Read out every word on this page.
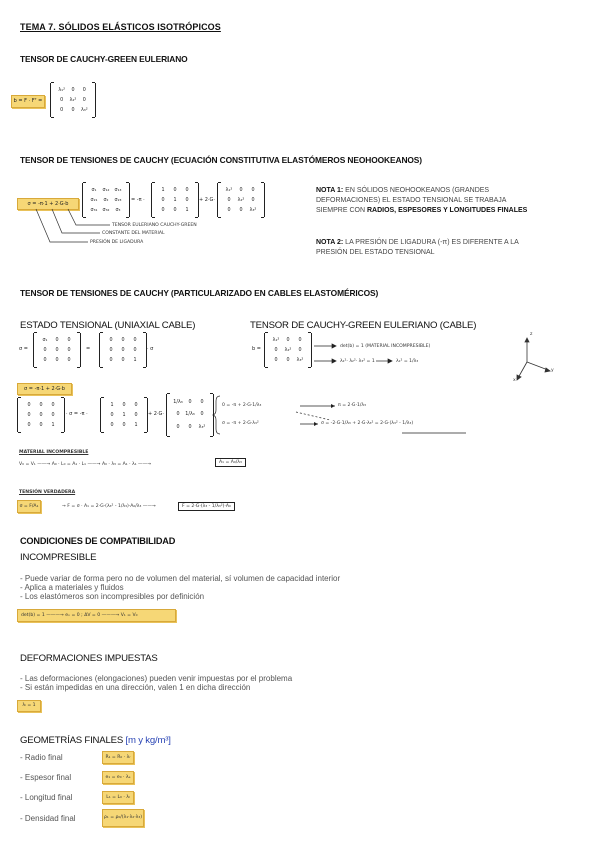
TEMA 7. SÓLIDOS ELÁSTICOS ISOTRÓPICOS
TENSOR DE CAUCHY-GREEN EULERIANO
b = F · Fᵀ =
λ₁²	0	0
0	λ₂²	0
0	0	λ₃²
TENSOR DE TENSIONES DE CAUCHY (ECUACIÓN CONSTITUTIVA ELASTÓMEROS NEOHOOKEANOS)
σ = -π·1 + 2·G·b
σ₁	σ₁₂	σ₁₃
σ₂₁	σ₂	σ₂₃
σ₃₁	σ₃₂	σ₃
= -π ·
1	0	0
0	1	0
0	0	1
+ 2·G·
λ₁²	0	0
0	λ₂²	0
0	0	λ₃²
TENSOR EULERIANO CAUCHY-GREEN
CONSTANTE DEL MATERIAL
PRESIÓN DE LIGADURA
NOTA 1: EN SÓLIDOS NEOHOOKEANOS (GRANDES DEFORMACIONES) EL ESTADO TENSIONAL SE TRABAJA SIEMPRE CON RADIOS, ESPESORES Y LONGITUDES FINALES
NOTA 2: LA PRESIÓN DE LIGADURA (-π) ES DIFERENTE A LA PRESIÓN DEL ESTADO TENSIONAL
TENSOR DE TENSIONES DE CAUCHY (PARTICULARIZADO EN CABLES ELASTOMÉRICOS)
ESTADO TENSIONAL (UNIAXIAL CABLE)	TENSOR DE CAUCHY-GREEN EULERIANO (CABLE)
σ =
σ₁	0	0
0	0	0
0	0	0
=
0	0	0
0	0	0
0	0	1
· σ	b =
λ₁²	0	0
0	λ₂²	0
0	0	λ₃²
det(b) = 1 (MATERIAL INCOMPRESIBLE)
λ₁²· λ₂²· λ₃² = 1	λ₁² = 1/λ₃
z
y
x
σ = -π·1 + 2·G·b
0	0	0
0	0	0
0	0	1
· σ = -π ·
1	0	0
0	1	0
0	0	1
+ 2·G·
1/λ₃	0	0
0	1/λ₃	0
0	0	λ₃²
0 = -π + 2·G·1/λ₃	π = 2·G·1/λ₃
σ = -π + 2·G·λ₃²	σ = -2·G·1/λ₃ + 2·G·λ₃² = 2·G·(λ₃² - 1/λ₃)
MATERIAL INCOMPRESIBLE
V₀ = V₁ ——→ A₀ · L₀ = A₁ · L₁ ——→ A₀ · λ₃ = A₁ · λ₁ ——→	A₁ = A₀/λ₃
TENSIÓN VERDADERA
σ = F/A₁	→ F = σ · A₁ = 2·G·(λ₃² - 1/λ₃)·A₀/λ₃ ——→	F = 2·G·(λ₃ - 1/λ₃²)·A₀
CONDICIONES DE COMPATIBILIDAD
INCOMPRESIBLE
- Puede variar de forma pero no de volumen del material, sí volumen de capacidad interior
- Aplica a materiales y fluidos
- Los elastómeros son incompresibles por definición
det(b) = 1 ———→ eᵥ = 0 ; ΔV = 0 ———→ V₁ = V₀
DEFORMACIONES IMPUESTAS
- Las deformaciones (elongaciones) pueden venir impuestas por el problema
- Si están impedidas en una dirección, valen 1 en dicha dirección
λᵢ = 1
GEOMETRÍAS FINALES [m y kg/m³]
- Radio final	R₁ = R₀ · λᵣ
- Espesor final	e₁ = e₀ · λₑ
- Longitud final	L₁ = L₀ · λₗ
- Densidad final	ρ₁ = ρ₀/(λ₁·λ₂·λ₃)
